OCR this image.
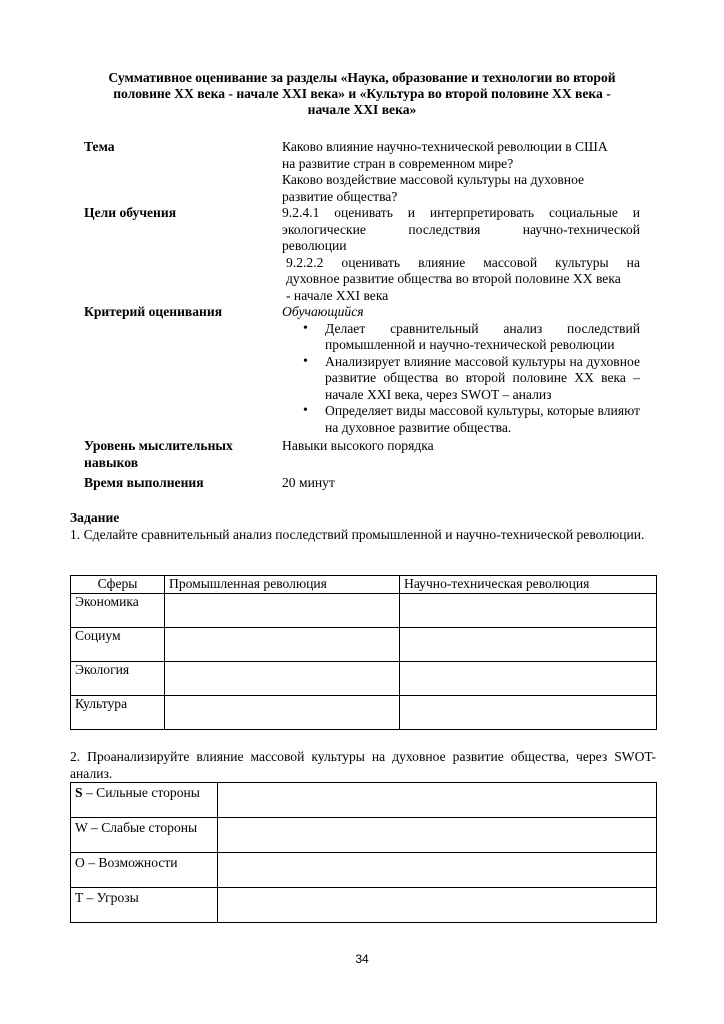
Суммативное оценивание за разделы «Наука, образование и технологии во второй
половине XX века - начале XXI века» и «Культура во второй половине XX века -
начале XXI века»
Тема	Каково влияние научно-технической революции в США
на развитие стран в современном мире?
Каково воздействие массовой культуры на духовное
развитие общества?
Цели обучения	9.2.4.1 оценивать и интерпретировать социальные и
экологические последствия научно-технической
революции
9.2.2.2 оценивать влияние массовой культуры на
духовное развитие общества во второй половине XX века
- начале XXI века
Критерий оценивания	Обучающийся
• Делает сравнительный анализ последствий промышленной и научно-технической революции
• Анализирует влияние массовой культуры на духовное развитие общества во второй половине XX века – начале XXI века, через SWOT – анализ
• Определяет виды массовой культуры, которые влияют на духовное развитие общества.
Уровень мыслительных
навыков
Навыки высокого порядка
Время выполнения	20 минут
Задание
1. Сделайте сравнительный анализ последствий промышленной и научно-технической революции.
Сферы	Промышленная революция	Научно-техническая революция
Экономика		
Социум		
Экология		
Культура		
2. Проанализируйте влияние массовой культуры на духовное развитие общества, через SWOT-анализ.
S – Сильные стороны	
W – Слабые стороны	
O – Возможности	
T – Угрозы	
34
